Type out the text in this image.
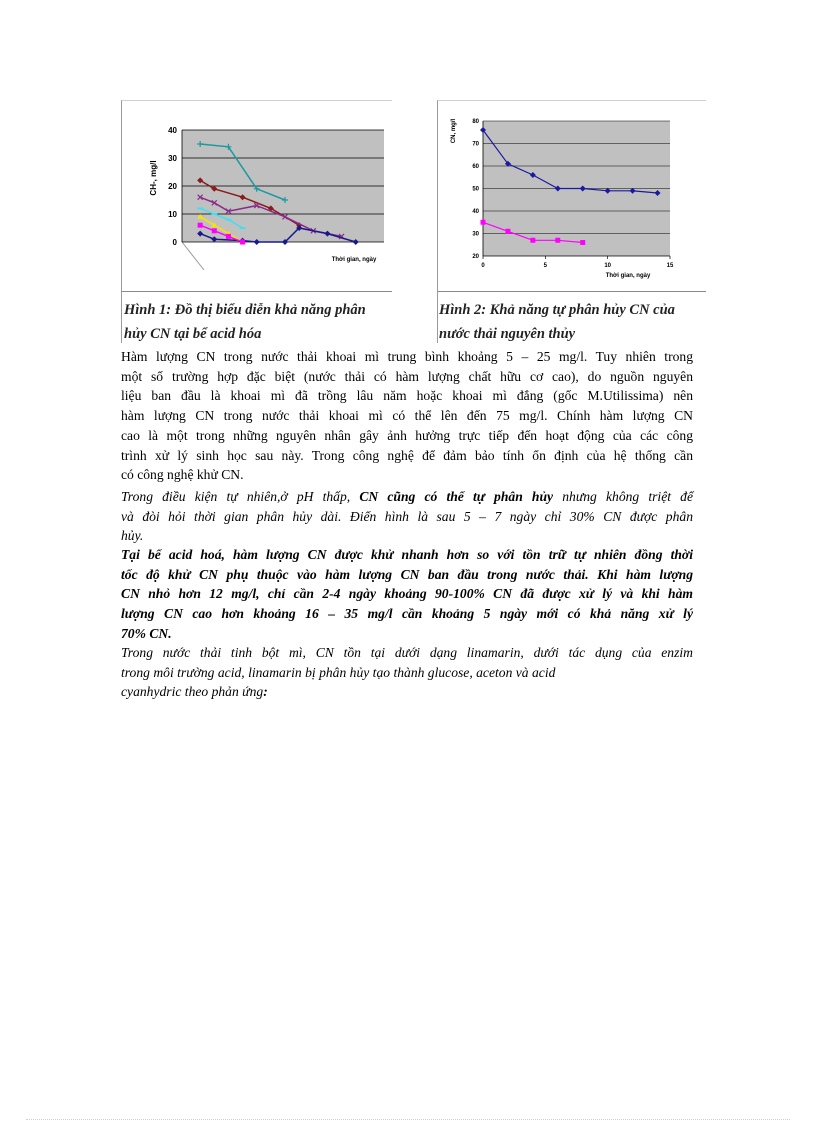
0
10
20
30
40
CH-, mg/l
Thời gian, ngày
Hình 1: Đồ thị biểu diễn khả năng phân
hủy CN tại bể acid hóa
20
30
40
50
60
70
80
0	5	10	15
CN, mg/l
Thời gian, ngày
Hình 2: Khả năng tự phân hủy CN của
nước thải nguyên thủy
Hàm lượng CN trong nước thải khoai mì trung bình khoảng 5 – 25 mg/l. Tuy nhiên trong
một số trường hợp đặc biệt (nước thải có hàm lượng chất hữu cơ cao), do nguồn nguyên
liệu ban đầu là khoai mì đã trồng lâu năm hoặc khoai mì đắng (gốc M.Utilissima) nên
hàm lượng CN trong nước thải khoai mì có thể lên đến 75 mg/l. Chính hàm lượng CN
cao là một trong những nguyên nhân gây ảnh hưởng trực tiếp đến hoạt động của các công
trình xử lý sinh học sau này. Trong công nghệ để đảm bảo tính ổn định của hệ thống cần
có công nghệ khử CN.
Trong điều kiện tự nhiên,ở pH thấp, CN cũng có thể tự phân hủy nhưng không triệt để
và đòi hỏi thời gian phân hủy dài. Điển hình là sau 5 – 7 ngày chỉ 30% CN được phân
hủy.
Tại bể acid hoá, hàm lượng CN được khử nhanh hơn so với tồn trữ tự nhiên đồng thời
tốc độ khử CN phụ thuộc vào hàm lượng CN ban đầu trong nước thải. Khi hàm lượng
CN nhỏ hơn 12 mg/l, chỉ cần 2-4 ngày khoảng 90-100% CN đã được xử lý và khi hàm
lượng CN cao hơn khoảng 16 – 35 mg/l cần khoảng 5 ngày mới có khả năng xử lý
70% CN.
Trong nước thải tinh bột mì, CN tồn tại dưới dạng linamarin, dưới tác dụng của enzim
trong môi trường acid, linamarin bị phân hủy tạo thành glucose, aceton và acid
cyanhydric theo phản ứng:
